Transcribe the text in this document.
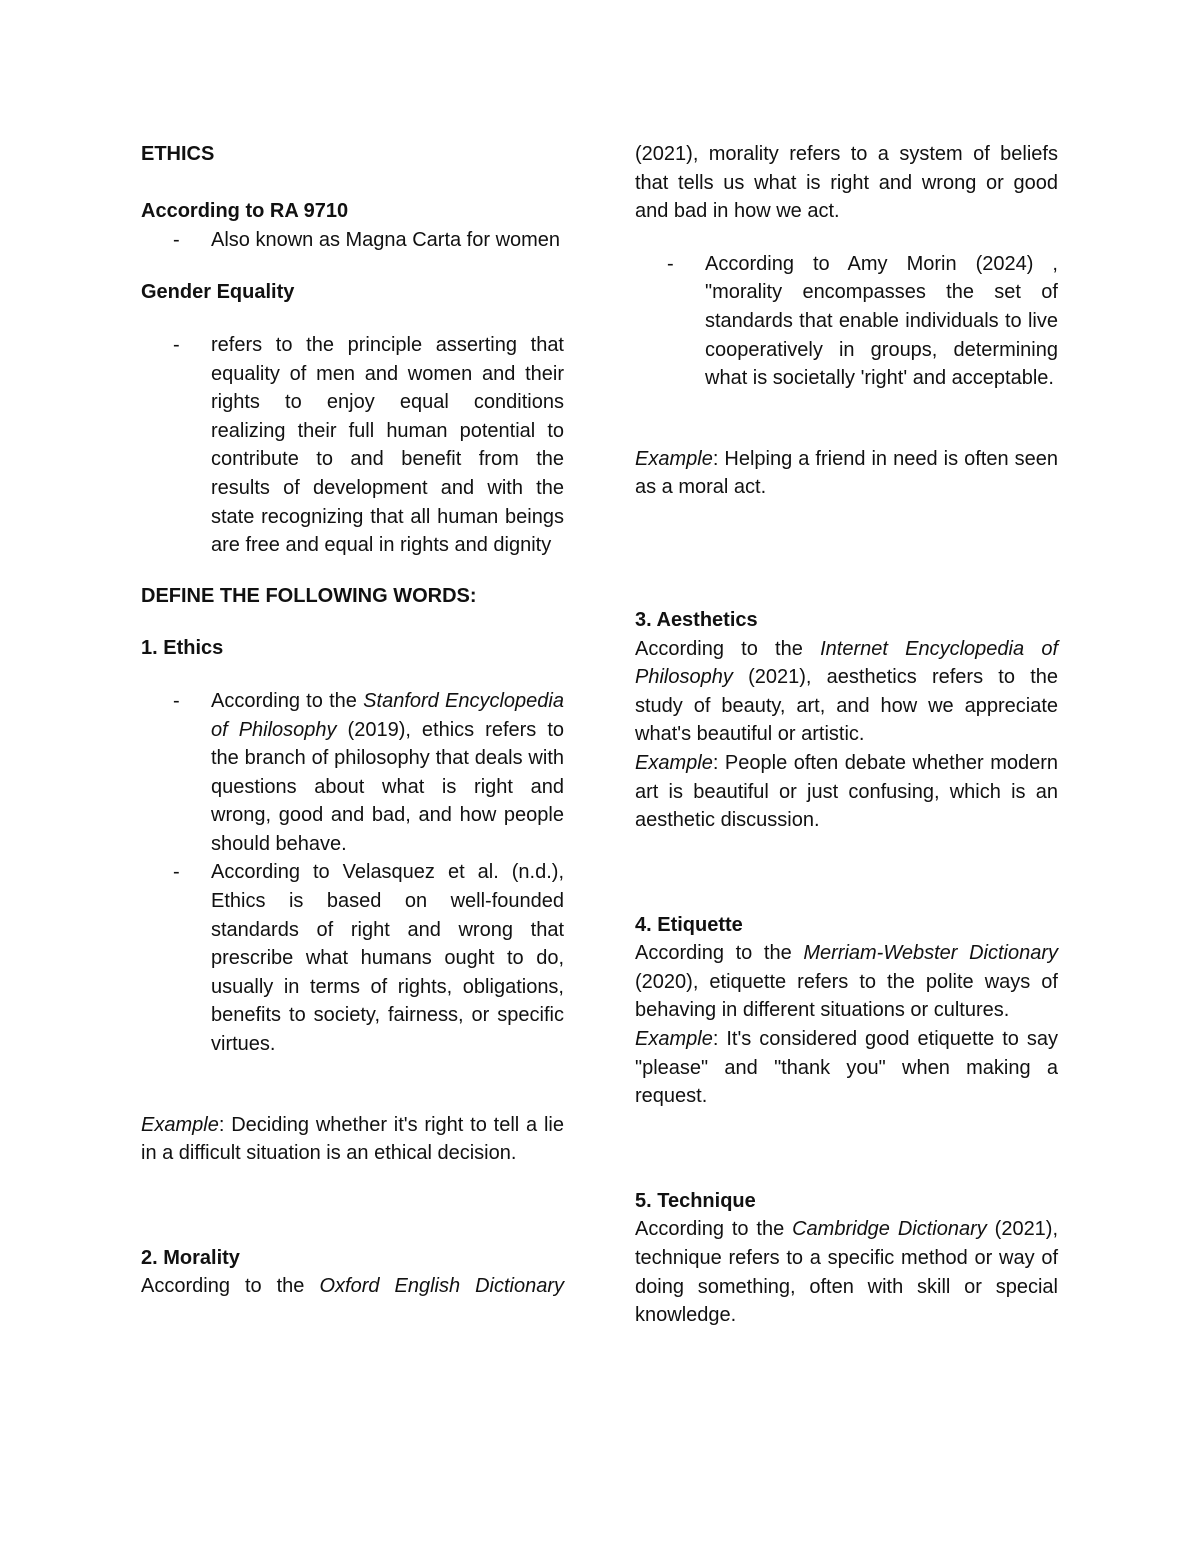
ETHICS
According to RA 9710
- Also known as Magna Carta for women
Gender Equality
- refers to the principle asserting that equality of men and women and their rights to enjoy equal conditions realizing their full human potential to contribute to and benefit from the results of development and with the state recognizing that all human beings are free and equal in rights and dignity
DEFINE THE FOLLOWING WORDS:
1. Ethics
- According to the Stanford Encyclopedia of Philosophy (2019), ethics refers to the branch of philosophy that deals with questions about what is right and wrong, good and bad, and how people should behave.
- According to Velasquez et al. (n.d.), Ethics is based on well-founded standards of right and wrong that prescribe what humans ought to do, usually in terms of rights, obligations, benefits to society, fairness, or specific virtues.
Example: Deciding whether it's right to tell a lie in a difficult situation is an ethical decision.
2. Morality
According to the Oxford English Dictionary
(2021), morality refers to a system of beliefs that tells us what is right and wrong or good and bad in how we act.
- According to Amy Morin (2024) , "morality encompasses the set of standards that enable individuals to live cooperatively in groups, determining what is societally 'right' and acceptable.
Example: Helping a friend in need is often seen as a moral act.
3. Aesthetics
According to the Internet Encyclopedia of Philosophy (2021), aesthetics refers to the study of beauty, art, and how we appreciate what's beautiful or artistic.
Example: People often debate whether modern art is beautiful or just confusing, which is an aesthetic discussion.
4. Etiquette
According to the Merriam-Webster Dictionary (2020), etiquette refers to the polite ways of behaving in different situations or cultures.
Example: It's considered good etiquette to say "please" and "thank you" when making a request.
5. Technique
According to the Cambridge Dictionary (2021), technique refers to a specific method or way of doing something, often with skill or special knowledge.
